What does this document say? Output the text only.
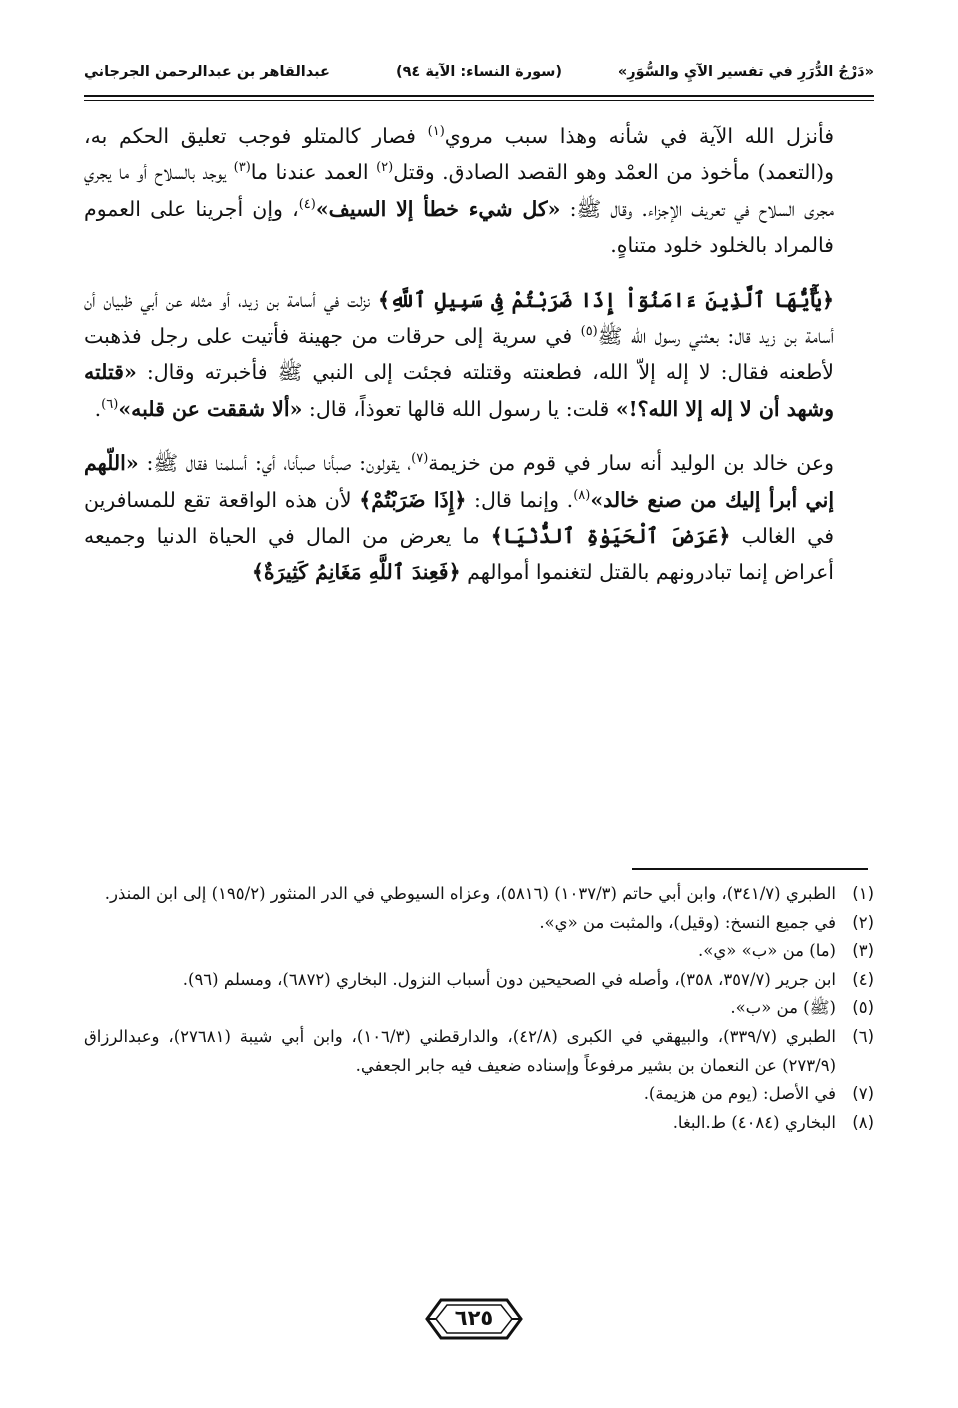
«دَرْجُ الدُّرَرِ في تفسير الآيِ والسُّوَرِ»
(سورة النساء: الآية ٩٤)
عبدالقاهر بن عبدالرحمن الجرجاني

فأنزل الله الآية في شأنه وهذا سبب مروي$^{(١)}$ فصار كالمتلو فوجب تعليق الحكم به، و(التعمد) مأخوذ من العمْد وهو القصد الصادق. وقتل$^{(٢)}$ العمد عندنا ما$^{(٣)}$ يوجد بالسلاح أو ما يجري مجرى السلاح في تعريف الإجزاء. وقال ﷺ: «كل شيء خطأ إلا السيف»$^{(٤)}$، وإن أجرينا على العموم فالمراد بالخلود خلود متناهٍ.

﴿يَٰٓأَيُّهَا ٱلَّذِينَ ءَامَنُوٓاْ إِذَا ضَرَبْتُمْ فِى سَبِيلِ ٱللَّهِ﴾ نزلت في أسامة بن زيد، أو مثله عن أبي ظبيان أن أسامة بن زيد قال: بعثني رسول الله ﷺ$^{(٥)}$ في سرية إلى حرقات من جهينة فأتيت على رجل فذهبت لأطعنه فقال: لا إله إلاّ الله، فطعنته وقتلته فجئت إلى النبي ﷺ فأخبرته وقال: «قتلته وشهد أن لا إله إلا الله؟!» قلت: يا رسول الله قالها تعوذاً، قال: «ألا شققت عن قلبه»$^{(٦)}$.

وعن خالد بن الوليد أنه سار في قوم من خزيمة$^{(٧)}$، يقولون: صبأنا صبأنا، أي: أسلمنا فقال ﷺ: «اللّهم إني أبرأ إليك من صنع خالد»$^{(٨)}$. وإنما قال: ﴿إِذَا ضَرَبْتُمْ﴾ لأن هذه الواقعة تقع للمسافرين في الغالب ﴿عَرَضَ ٱلْحَيَوٰةِ ٱلدُّنْيَا﴾ ما يعرض من المال في الحياة الدنيا وجميعه أعراض إنما تبادرونهم بالقتل لتغنموا أموالهم ﴿فَعِندَ ٱللَّهِ مَغَانِمُ كَثِيرَةٌ﴾

(١)
الطبري (٣٤١/٧)، وابن أبي حاتم (١٠٣٧/٣) (٥٨١٦)، وعزاه السيوطي في الدر المنثور (١٩٥/٢) إلى ابن المنذر.
(٢)
في جميع النسخ: (وقيل)، والمثبت من «ي».
(٣)
(ما) من «ب» «ي».
(٤)
ابن جرير (٣٥٧/٧، ٣٥٨)، وأصله في الصحيحين دون أسباب النزول. البخاري (٦٨٧٢)، ومسلم (٩٦).
(٥)
(ﷺ) من «ب».
(٦)
الطبري (٣٣٩/٧)، والبيهقي في الكبرى (٤٢/٨)، والدارقطني (١٠٦/٣)، وابن أبي شيبة (٢٧٦٨١)، وعبدالرزاق (٢٧٣/٩) عن النعمان بن بشير مرفوعاً وإسناده ضعيف فيه جابر الجعفي.
(٧)
في الأصل: (يوم من هزيمة).
(٨)
البخاري (٤٠٨٤) ط.البغا.
٦٢٥
